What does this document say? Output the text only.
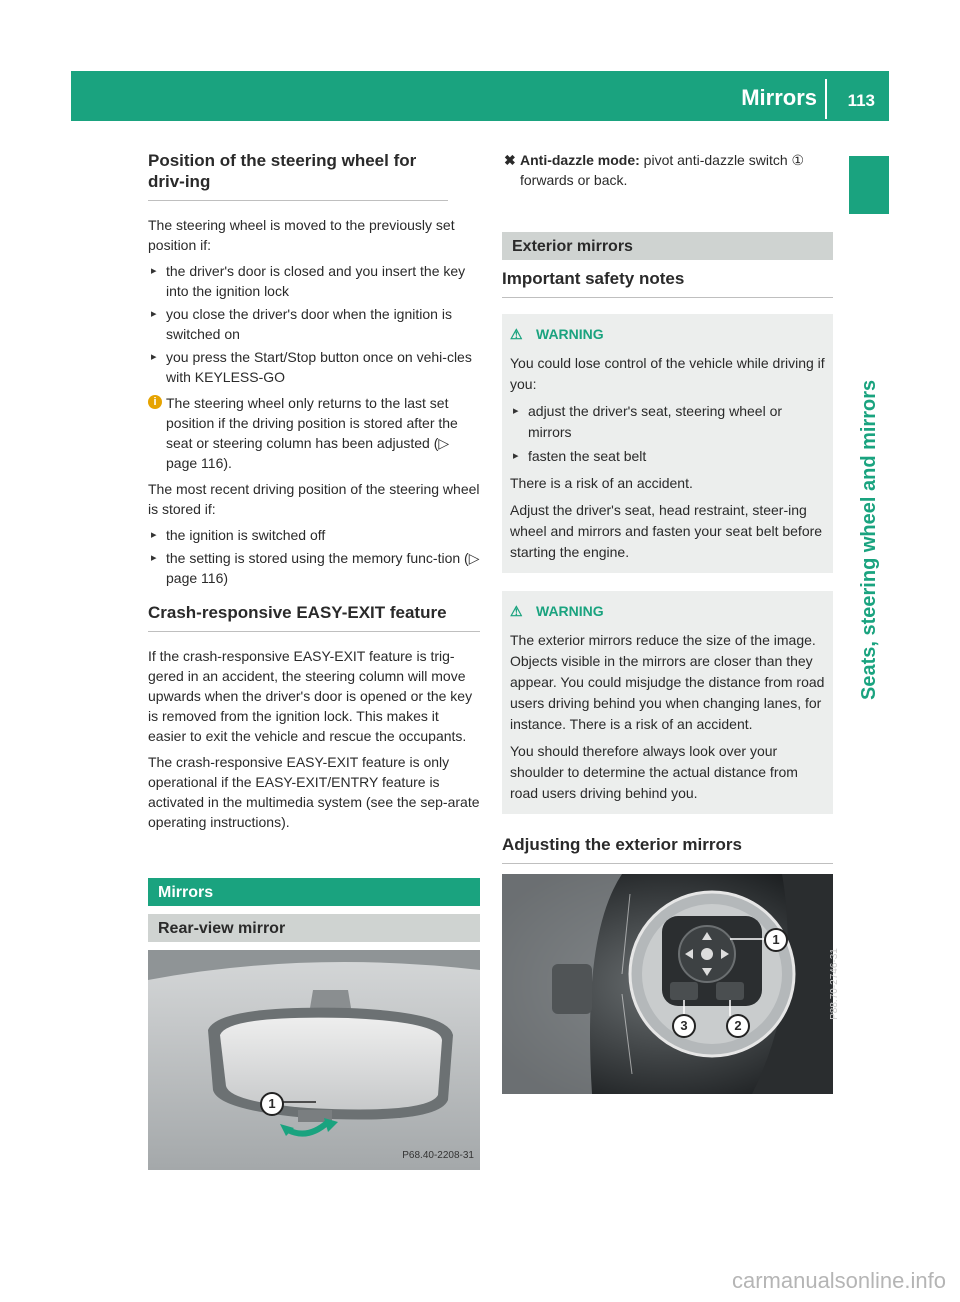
Mirrors 113
Seats, steering wheel and mirrors
Position of the steering wheel for driv-ing

The steering wheel is moved to the previously set position if:

▸ the driver's door is closed and you insert the key into the ignition lock
▸ you close the driver's door when the ignition is switched on
▸ you press the Start/Stop button once on vehi-cles with KEYLESS-GO
i The steering wheel only returns to the last set position if the driving position is stored after the seat or steering column has been adjusted (▷ page 116).

The most recent driving position of the steering wheel is stored if:

▸ the ignition is switched off
▸ the setting is stored using the memory func-tion (▷ page 116)
Crash-responsive EASY-EXIT feature

If the crash-responsive EASY-EXIT feature is trig-gered in an accident, the steering column will move upwards when the driver's door is opened or the key is removed from the ignition lock. This makes it easier to exit the vehicle and rescue the occupants.

The crash-responsive EASY-EXIT feature is only operational if the EASY-EXIT/ENTRY feature is activated in the multimedia system (see the sep-arate operating instructions).

Mirrors
Rear-view mirror
1
P68.40-2208-31
✖ Anti-dazzle mode: pivot anti-dazzle switch ① forwards or back.
Exterior mirrors
Important safety notes
⚠ WARNING

You could lose control of the vehicle while driving if you:

▸ adjust the driver's seat, steering wheel or mirrors
▸ fasten the seat belt

There is a risk of an accident.

Adjust the driver's seat, head restraint, steer-ing wheel and mirrors and fasten your seat belt before starting the engine.

⚠ WARNING

The exterior mirrors reduce the size of the image. Objects visible in the mirrors are closer than they appear. You could misjudge the distance from road users driving behind you when changing lanes, for instance. There is a risk of an accident.

You should therefore always look over your shoulder to determine the actual distance from road users driving behind you.

Adjusting the exterior mirrors
1
2
3
P88.70-2746-31
carmanualsonline.info
